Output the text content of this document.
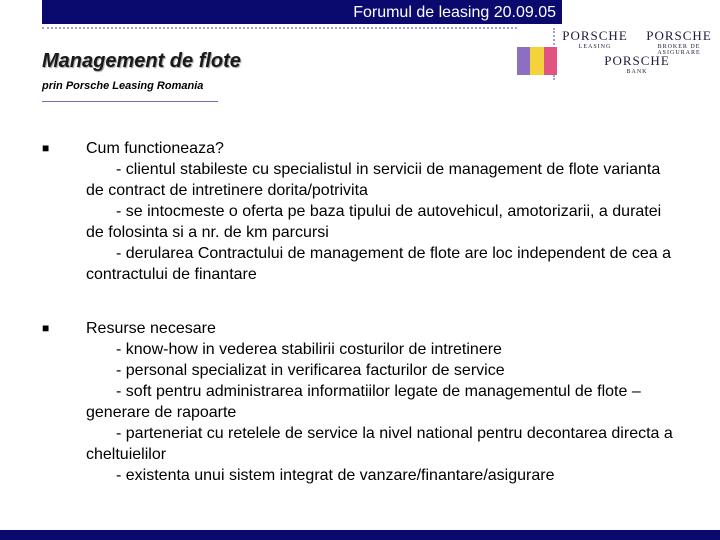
Forumul de leasing 20.09.05
PORSCHE
LEASING
PORSCHE
BROKER DE ASIGURARE
PORSCHE
BANK
Management de flote

prin Porsche Leasing Romania

■ Cum functioneaza?
- clientul stabileste cu specialistul in servicii de management de flote varianta de contract de intretinere dorita/potrivita
- se intocmeste o oferta pe baza tipului de autovehicul, amotorizarii, a duratei de folosinta si a nr. de km parcursi
- derularea Contractului de management de flote are loc independent de cea a contractului de finantare
■ Resurse necesare
- know-how in vederea stabilirii costurilor de intretinere
- personal specializat in verificarea facturilor de service
- soft pentru administrarea informatiilor legate de managementul de flote – generare de rapoarte
- parteneriat cu retelele de service la nivel national pentru decontarea directa a cheltuielilor
- existenta unui sistem integrat de vanzare/finantare/asigurare
